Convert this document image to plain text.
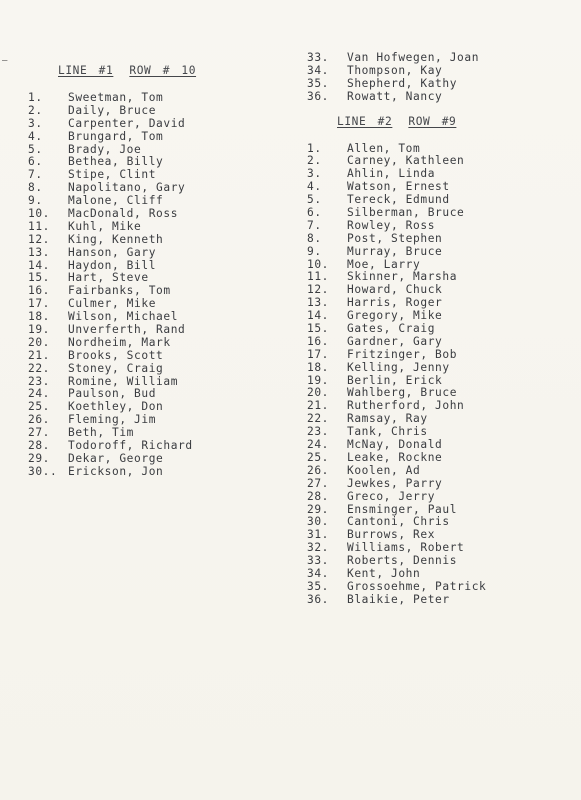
—
LINE #1 ROW # 10
1. Sweetman, Tom
2. Daily, Bruce
3. Carpenter, David
4. Brungard, Tom
5. Brady, Joe
6. Bethea, Billy
7. Stipe, Clint
8. Napolitano, Gary
9. Malone, Cliff
10. MacDonald, Ross
11. Kuhl, Mike
12. King, Kenneth
13. Hanson, Gary
14. Haydon, Bill
15. Hart, Steve
16. Fairbanks, Tom
17. Culmer, Mike
18. Wilson, Michael
19. Unverferth, Rand
20. Nordheim, Mark
21. Brooks, Scott
22. Stoney, Craig
23. Romine, William
24. Paulson, Bud
25. Koethley, Don
26. Fleming, Jim
27. Beth, Tim
28. Todoroff, Richard
29. Dekar, George
30.. Erickson, Jon
33. Van Hofwegen, Joan
34. Thompson, Kay
35. Shepherd, Kathy
36. Rowatt, Nancy
LINE #2 ROW #9
1. Allen, Tom
2. Carney, Kathleen
3. Ahlin, Linda
4. Watson, Ernest
5. Tereck, Edmund
6. Silberman, Bruce
7. Rowley, Ross
8. Post, Stephen
9. Murray, Bruce
10. Moe, Larry
11. Skinner, Marsha
12. Howard, Chuck
13. Harris, Roger
14. Gregory, Mike
15. Gates, Craig
16. Gardner, Gary
17. Fritzinger, Bob
18. Kelling, Jenny
19. Berlin, Erick
20. Wahlberg, Bruce
21. Rutherford, John
22. Ramsay, Ray
23. Tank, Chris
24. McNay, Donald
25. Leake, Rockne
26. Koolen, Ad
27. Jewkes, Parry
28. Greco, Jerry
29. Ensminger, Paul
30. Cantoni, Chris
31. Burrows, Rex
32. Williams, Robert
33. Roberts, Dennis
34. Kent, John
35. Grossoehme, Patrick
36. Blaikie, Peter
